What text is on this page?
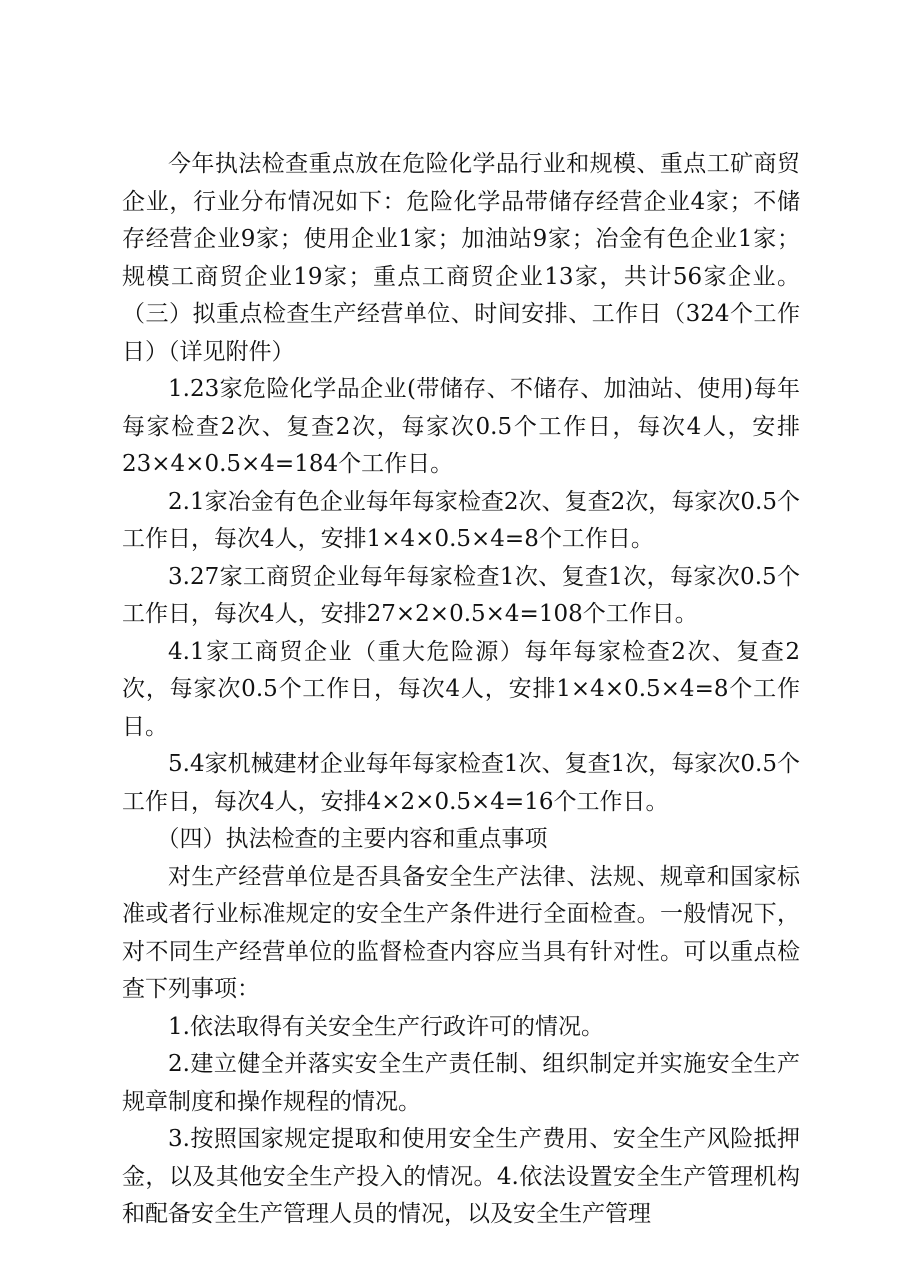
今年执法检查重点放在危险化学品行业和规模、重点工矿商贸企业，行业分布情况如下：危险化学品带储存经营企业4家；不储存经营企业9家；使用企业1家；加油站9家；冶金有色企业1家；规模工商贸企业19家；重点工商贸企业13家，共计56家企业。（三）拟重点检查生产经营单位、时间安排、工作日（324个工作日）（详见附件）

1.23家危险化学品企业(带储存、不储存、加油站、使用)每年每家检查2次、复查2次，每家次0.5个工作日，每次4人，安排23×4×0.5×4=184个工作日。

2.1家冶金有色企业每年每家检查2次、复查2次，每家次0.5个工作日，每次4人，安排1×4×0.5×4=8个工作日。

3.27家工商贸企业每年每家检查1次、复查1次，每家次0.5个工作日，每次4人，安排27×2×0.5×4=108个工作日。

4.1家工商贸企业（重大危险源）每年每家检查2次、复查2次，每家次0.5个工作日，每次4人，安排1×4×0.5×4=8个工作日。

5.4家机械建材企业每年每家检查1次、复查1次，每家次0.5个工作日，每次4人，安排4×2×0.5×4=16个工作日。

（四）执法检查的主要内容和重点事项

对生产经营单位是否具备安全生产法律、法规、规章和国家标准或者行业标准规定的安全生产条件进行全面检查。一般情况下，对不同生产经营单位的监督检查内容应当具有针对性。可以重点检查下列事项：

1.依法取得有关安全生产行政许可的情况。

2.建立健全并落实安全生产责任制、组织制定并实施安全生产规章制度和操作规程的情况。

3.按照国家规定提取和使用安全生产费用、安全生产风险抵押金，以及其他安全生产投入的情况。4.依法设置安全生产管理机构和配备安全生产管理人员的情况，以及安全生产管理
